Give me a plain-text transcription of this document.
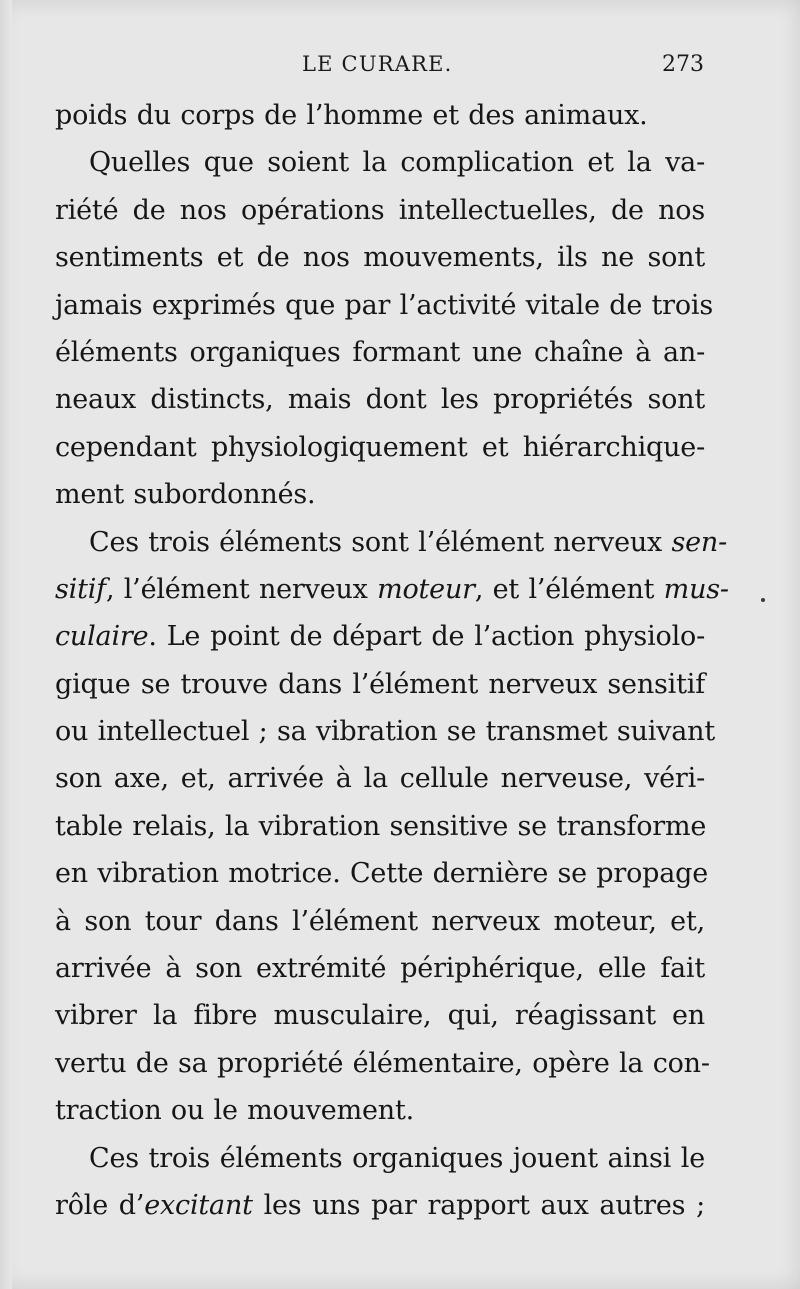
LE CURARE.	273
poids du corps de l’homme et des animaux.
Quelles que soient la complication et la va-
riété de nos opérations intellectuelles, de nos
sentiments et de nos mouvements, ils ne sont
jamais exprimés que par l’activité vitale de trois
éléments organiques formant une chaîne à an-
neaux distincts, mais dont les propriétés sont
cependant physiologiquement et hiérarchique-
ment subordonnés.
Ces trois éléments sont l’élément nerveux sen-
sitif, l’élément nerveux moteur, et l’élément mus-
culaire. Le point de départ de l’action physiolo-
gique se trouve dans l’élément nerveux sensitif
ou intellectuel ; sa vibration se transmet suivant
son axe, et, arrivée à la cellule nerveuse, véri-
table relais, la vibration sensitive se transforme
en vibration motrice. Cette dernière se propage
à son tour dans l’élément nerveux moteur, et,
arrivée à son extrémité périphérique, elle fait
vibrer la fibre musculaire, qui, réagissant en
vertu de sa propriété élémentaire, opère la con-
traction ou le mouvement.
Ces trois éléments organiques jouent ainsi le
rôle d’excitant les uns par rapport aux autres ;
